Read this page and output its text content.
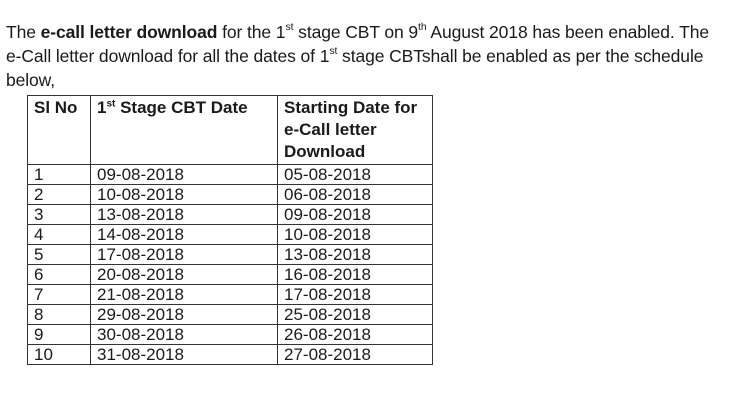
The e-call letter download for the 1st stage CBT on 9th August 2018 has been enabled. The e-Call letter download for all the dates of 1st stage CBTshall be enabled as per the schedule below,

Sl No	1st Stage CBT Date	Starting Date for e-Call letter Download
1	09-08-2018	05-08-2018
2	10-08-2018	06-08-2018
3	13-08-2018	09-08-2018
4	14-08-2018	10-08-2018
5	17-08-2018	13-08-2018
6	20-08-2018	16-08-2018
7	21-08-2018	17-08-2018
8	29-08-2018	25-08-2018
9	30-08-2018	26-08-2018
10	31-08-2018	27-08-2018
